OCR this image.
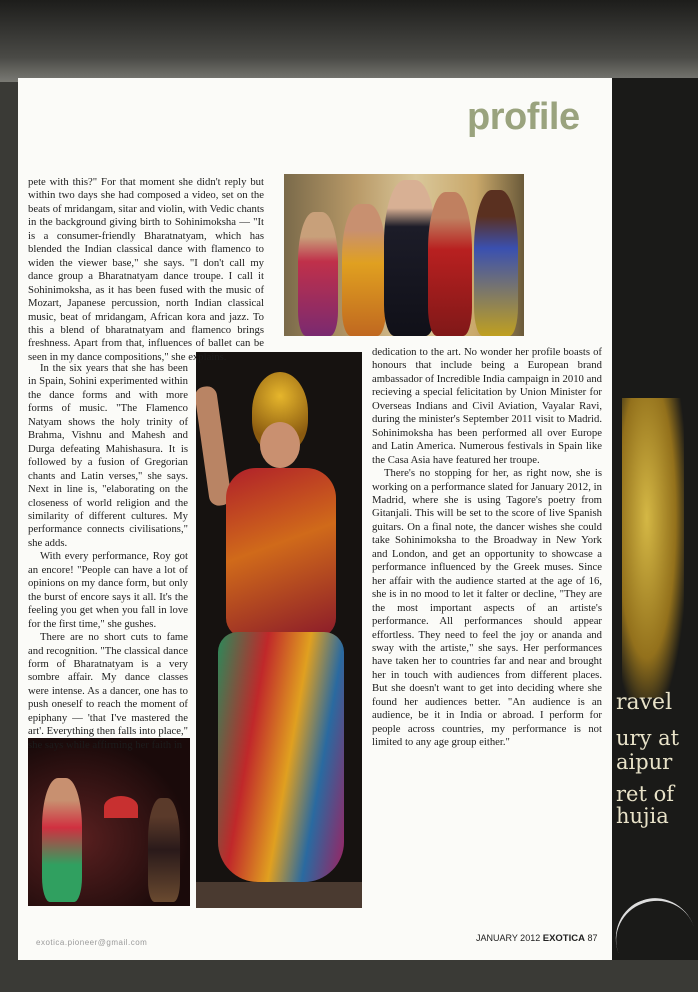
ravel
ury at
aipur
ret of
hujia
profile

pete with this?" For that moment she didn't reply but within two days she had composed a video, set on the beats of mridangam, sitar and violin, with Vedic chants in the background giving birth to Sohinimoksha — "It is a consumer-friendly Bharatnatyam, which has blended the Indian classical dance with flamenco to widen the viewer base," she says. "I don't call my dance group a Bharatnatyam dance troupe. I call it Sohinimoksha, as it has been fused with the music of Mozart, Japanese percussion, north Indian classical music, beat of mridangam, African kora and jazz. To this a blend of bharatnatyam and flamenco brings freshness. Apart from that, influences of ballet can be seen in my dance compositions," she explains.

In the six years that she has been in Spain, Sohini experimented within the dance forms and with more forms of music. "The Flamenco Natyam shows the holy trinity of Brahma, Vishnu and Mahesh and Durga defeating Mahishasura. It is followed by a fusion of Gregorian chants and Latin verses," she says. Next in line is, "elaborating on the closeness of world religion and the similarity of different cultures. My performance connects civilisations," she adds.

With every performance, Roy got an encore! "People can have a lot of opinions on my dance form, but only the burst of encore says it all. It's the feeling you get when you fall in love for the first time," she gushes.

There are no short cuts to fame and recognition. "The classical dance form of Bharatnatyam is a very sombre affair. My dance classes were intense. As a dancer, one has to push oneself to reach the moment of epiphany — 'that I've mastered the art'. Everything then falls into place," she says while affirming her faith in

dedication to the art. No wonder her profile boasts of honours that include being a European brand ambassador of Incredible India campaign in 2010 and recieving a special felicitation by Union Minister for Overseas Indians and Civil Aviation, Vayalar Ravi, during the minister's September 2011 visit to Madrid. Sohinimoksha has been performed all over Europe and Latin America. Numerous festivals in Spain like the Casa Asia have featured her troupe.

There's no stopping for her, as right now, she is working on a performance slated for January 2012, in Madrid, where she is using Tagore's poetry from Gitanjali. This will be set to the score of live Spanish guitars. On a final note, the dancer wishes she could take Sohinimoksha to the Broadway in New York and London, and get an opportunity to showcase a performance influenced by the Greek muses. Since her affair with the audience started at the age of 16, she is in no mood to let it falter or decline, "They are the most important aspects of an artiste's performance. All performances should appear effortless. They need to feel the joy or ananda and sway with the artiste," she says. Her performances have taken her to countries far and near and brought her in touch with audiences from different places. But she doesn't want to get into deciding where she found her audiences better. "An audience is an audience, be it in India or abroad. I perform for people across countries, my performance is not limited to any age group either."

exotica.pioneer@gmail.com	JANUARY 2012 EXOTICA 87
